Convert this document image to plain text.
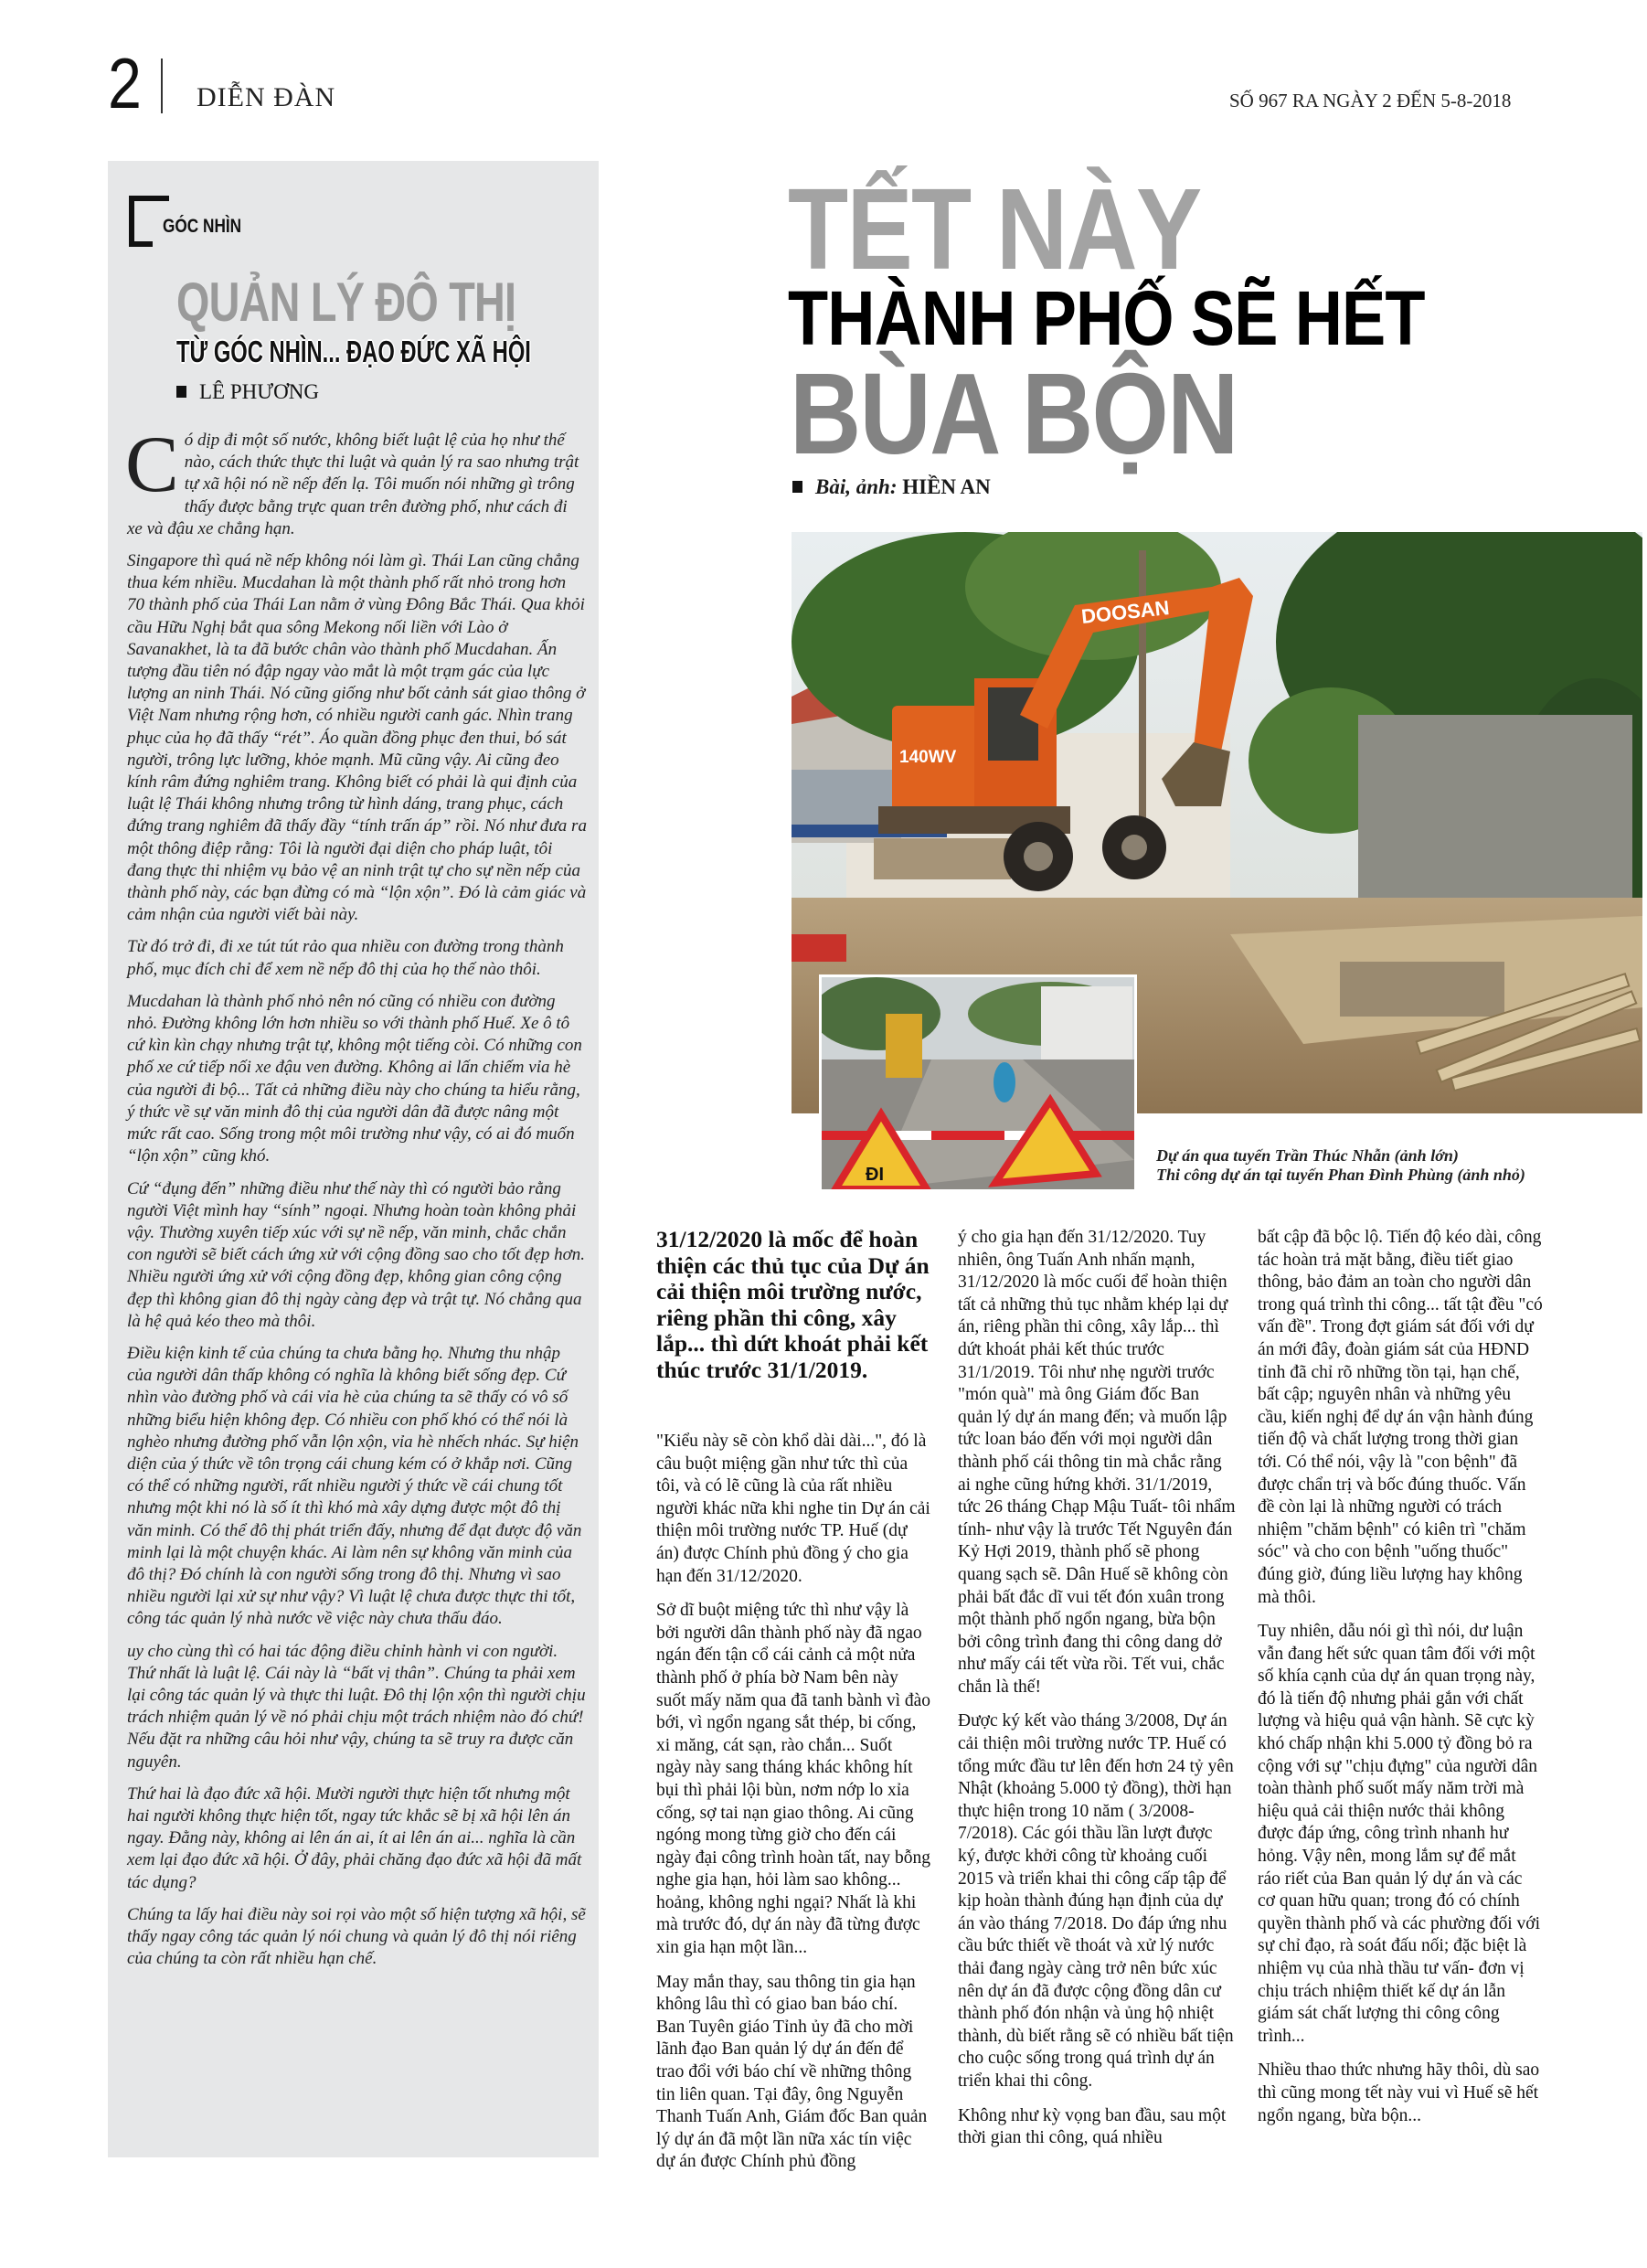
2 DIỄN ĐÀN	SỐ 967 RA NGÀY 2 ĐẾN 5-8-2018
GÓC NHÌN
QUẢN LÝ ĐÔ THỊ
TỪ GÓC NHÌN... ĐẠO ĐỨC XÃ HỘI
LÊ PHƯƠNG

Có dịp đi một số nước, không biết luật lệ của họ như thế nào, cách thức thực thi luật và quản lý ra sao nhưng trật tự xã hội nó nề nếp đến lạ. Tôi muốn nói những gì trông thấy được bằng trực quan trên đường phố, như cách đi xe và đậu xe chẳng hạn.

Singapore thì quá nề nếp không nói làm gì. Thái Lan cũng chẳng thua kém nhiều. Mucdahan là một thành phố rất nhỏ trong hơn 70 thành phố của Thái Lan nằm ở vùng Đông Bắc Thái. Qua khỏi cầu Hữu Nghị bắt qua sông Mekong nối liền với Lào ở Savanakhet, là ta đã bước chân vào thành phố Mucdahan. Ấn tượng đầu tiên nó đập ngay vào mắt là một trạm gác của lực lượng an ninh Thái. Nó cũng giống như bốt cảnh sát giao thông ở Việt Nam nhưng rộng hơn, có nhiều người canh gác. Nhìn trang phục của họ đã thấy “rét”. Áo quần đồng phục đen thui, bó sát người, trông lực lưỡng, khỏe mạnh. Mũ cũng vậy. Ai cũng đeo kính râm đứng nghiêm trang. Không biết có phải là qui định của luật lệ Thái không nhưng trông từ hình dáng, trang phục, cách đứng trang nghiêm đã thấy đầy “tính trấn áp” rồi. Nó như đưa ra một thông điệp rằng: Tôi là người đại diện cho pháp luật, tôi đang thực thi nhiệm vụ bảo vệ an ninh trật tự cho sự nền nếp của thành phố này, các bạn đừng có mà “lộn xộn”. Đó là cảm giác và cảm nhận của người viết bài này.

Từ đó trở đi, đi xe tút tút rảo qua nhiều con đường trong thành phố, mục đích chỉ để xem nề nếp đô thị của họ thế nào thôi.

Mucdahan là thành phố nhỏ nên nó cũng có nhiều con đường nhỏ. Đường không lớn hơn nhiều so với thành phố Huế. Xe ô tô cứ kìn kìn chạy nhưng trật tự, không một tiếng còi. Có những con phố xe cứ tiếp nối xe đậu ven đường. Không ai lấn chiếm vỉa hè của người đi bộ... Tất cả những điều này cho chúng ta hiểu rằng, ý thức về sự văn minh đô thị của người dân đã được nâng một mức rất cao. Sống trong một môi trường như vậy, có ai đó muốn “lộn xộn” cũng khó.

Cứ “đụng đến” những điều như thế này thì có người bảo rằng người Việt mình hay “sính” ngoại. Nhưng hoàn toàn không phải vậy. Thường xuyên tiếp xúc với sự nề nếp, văn minh, chắc chắn con người sẽ biết cách ứng xử với cộng đồng sao cho tốt đẹp hơn. Nhiều người ứng xử với cộng đồng đẹp, không gian công cộng đẹp thì không gian đô thị ngày càng đẹp và trật tự. Nó chẳng qua là hệ quả kéo theo mà thôi.

Điều kiện kinh tế của chúng ta chưa bằng họ. Nhưng thu nhập của người dân thấp không có nghĩa là không biết sống đẹp. Cứ nhìn vào đường phố và cái vỉa hè của chúng ta sẽ thấy có vô số những biểu hiện không đẹp. Có nhiều con phố khó có thể nói là nghèo nhưng đường phố vẫn lộn xộn, vỉa hè nhếch nhác. Sự hiện diện của ý thức về tôn trọng cái chung kém có ở khắp nơi. Cũng có thể có những người, rất nhiều người ý thức về cái chung tốt nhưng một khi nó là số ít thì khó mà xây dựng được một đô thị văn minh. Có thể đô thị phát triển đấy, nhưng để đạt được độ văn minh lại là một chuyện khác. Ai làm nên sự không văn minh của đô thị? Đó chính là con người sống trong đô thị. Nhưng vì sao nhiều người lại xử sự như vậy? Vì luật lệ chưa được thực thi tốt, công tác quản lý nhà nước về việc này chưa thấu đáo.

uy cho cùng thì có hai tác động điều chỉnh hành vi con người. Thứ nhất là luật lệ. Cái này là “bất vị thân”. Chúng ta phải xem lại công tác quản lý và thực thi luật. Đô thị lộn xộn thì người chịu trách nhiệm quản lý về nó phải chịu một trách nhiệm nào đó chứ! Nếu đặt ra những câu hỏi như vậy, chúng ta sẽ truy ra được căn nguyên.

Thứ hai là đạo đức xã hội. Mười người thực hiện tốt nhưng một hai người không thực hiện tốt, ngay tức khắc sẽ bị xã hội lên án ngay. Đằng này, không ai lên án ai, ít ai lên án ai... nghĩa là cần xem lại đạo đức xã hội. Ở đây, phải chăng đạo đức xã hội đã mất tác dụng?

Chúng ta lấy hai điều này soi rọi vào một số hiện tượng xã hội, sẽ thấy ngay công tác quản lý nói chung và quản lý đô thị nói riêng của chúng ta còn rất nhiều hạn chế.

TẾT NÀY
THÀNH PHỐ SẼ HẾT
BÙA BỘN
Bài, ảnh: HIỀN AN
DOOSAN
140WV
ĐI
Dự án qua tuyến Trần Thúc Nhẫn (ảnh lớn)
Thi công dự án tại tuyến Phan Đình Phùng (ảnh nhỏ)

31/12/2020 là mốc để hoàn thiện các thủ tục của Dự án cải thiện môi trường nước, riêng phần thi công, xây lắp... thì dứt khoát phải kết thúc trước 31/1/2019.

"Kiểu này sẽ còn khổ dài dài...", đó là câu buột miệng gần như tức thì của tôi, và có lẽ cũng là của rất nhiều người khác nữa khi nghe tin Dự án cải thiện môi trường nước TP. Huế (dự án) được Chính phủ đồng ý cho gia hạn đến 31/12/2020.

Sở dĩ buột miệng tức thì như vậy là bởi người dân thành phố này đã ngao ngán đến tận cổ cái cảnh cả một nửa thành phố ở phía bờ Nam bên này suốt mấy năm qua đã tanh bành vì đào bới, vì ngổn ngang sắt thép, bi cống, xi măng, cát sạn, rào chắn... Suốt ngày này sang tháng khác không hít bụi thì phải lội bùn, nơm nớp lo xỉa cống, sợ tai nạn giao thông. Ai cũng ngóng mong từng giờ cho đến cái ngày đại công trình hoàn tất, nay bỗng nghe gia hạn, hỏi làm sao không... hoảng, không nghi ngại? Nhất là khi mà trước đó, dự án này đã từng được xin gia hạn một lần...

May mắn thay, sau thông tin gia hạn không lâu thì có giao ban báo chí. Ban Tuyên giáo Tỉnh ủy đã cho mời lãnh đạo Ban quản lý dự án đến để trao đổi với báo chí về những thông tin liên quan. Tại đây, ông Nguyễn Thanh Tuấn Anh, Giám đốc Ban quản lý dự án đã một lần nữa xác tín việc dự án được Chính phủ đồng

ý cho gia hạn đến 31/12/2020. Tuy nhiên, ông Tuấn Anh nhấn mạnh, 31/12/2020 là mốc cuối để hoàn thiện tất cả những thủ tục nhằm khép lại dự án, riêng phần thi công, xây lắp... thì dứt khoát phải kết thúc trước 31/1/2019. Tôi như nhẹ người trước "món quà" mà ông Giám đốc Ban quản lý dự án mang đến; và muốn lập tức loan báo đến với mọi người dân thành phố cái thông tin mà chắc rằng ai nghe cũng hứng khởi. 31/1/2019, tức 26 tháng Chạp Mậu Tuất- tôi nhẩm tính- như vậy là trước Tết Nguyên đán Kỷ Hợi 2019, thành phố sẽ phong quang sạch sẽ. Dân Huế sẽ không còn phải bất đắc dĩ vui tết đón xuân trong một thành phố ngổn ngang, bừa bộn bởi công trình đang thi công dang dở như mấy cái tết vừa rồi. Tết vui, chắc chắn là thế!

Được ký kết vào tháng 3/2008, Dự án cải thiện môi trường nước TP. Huế có tổng mức đầu tư lên đến hơn 24 tỷ yên Nhật (khoảng 5.000 tỷ đồng), thời hạn thực hiện trong 10 năm ( 3/2008- 7/2018). Các gói thầu lần lượt được ký, được khởi công từ khoảng cuối 2015 và triển khai thi công cấp tập để kịp hoàn thành đúng hạn định của dự án vào tháng 7/2018. Do đáp ứng nhu cầu bức thiết về thoát và xử lý nước thải đang ngày càng trở nên bức xúc nên dự án đã được cộng đồng dân cư thành phố đón nhận và ủng hộ nhiệt thành, dù biết rằng sẽ có nhiều bất tiện cho cuộc sống trong quá trình dự án triển khai thi công.

Không như kỳ vọng ban đầu, sau một thời gian thi công, quá nhiều

bất cập đã bộc lộ. Tiến độ kéo dài, công tác hoàn trả mặt bằng, điều tiết giao thông, bảo đảm an toàn cho người dân trong quá trình thi công... tất tật đều "có vấn đề". Trong đợt giám sát đối với dự án mới đây, đoàn giám sát của HĐND tỉnh đã chỉ rõ những tồn tại, hạn chế, bất cập; nguyên nhân và những yêu cầu, kiến nghị để dự án vận hành đúng tiến độ và chất lượng trong thời gian tới. Có thể nói, vậy là "con bệnh" đã được chẩn trị và bốc đúng thuốc. Vấn đề còn lại là những người có trách nhiệm "chăm bệnh" có kiên trì "chăm sóc" và cho con bệnh "uống thuốc" đúng giờ, đúng liều lượng hay không mà thôi.

Tuy nhiên, dẫu nói gì thì nói, dư luận vẫn đang hết sức quan tâm đối với một số khía cạnh của dự án quan trọng này, đó là tiến độ nhưng phải gắn với chất lượng và hiệu quả vận hành. Sẽ cực kỳ khó chấp nhận khi 5.000 tỷ đồng bỏ ra cộng với sự "chịu đựng" của người dân toàn thành phố suốt mấy năm trời mà hiệu quả cải thiện nước thải không được đáp ứng, công trình nhanh hư hỏng. Vậy nên, mong lắm sự để mắt ráo riết của Ban quản lý dự án và các cơ quan hữu quan; trong đó có chính quyền thành phố và các phường đối với sự chỉ đạo, rà soát đấu nối; đặc biệt là nhiệm vụ của nhà thầu tư vấn- đơn vị chịu trách nhiệm thiết kế dự án lẫn giám sát chất lượng thi công công trình...

Nhiều thao thức nhưng hãy thôi, dù sao thì cũng mong tết này vui vì Huế sẽ hết ngổn ngang, bừa bộn...
